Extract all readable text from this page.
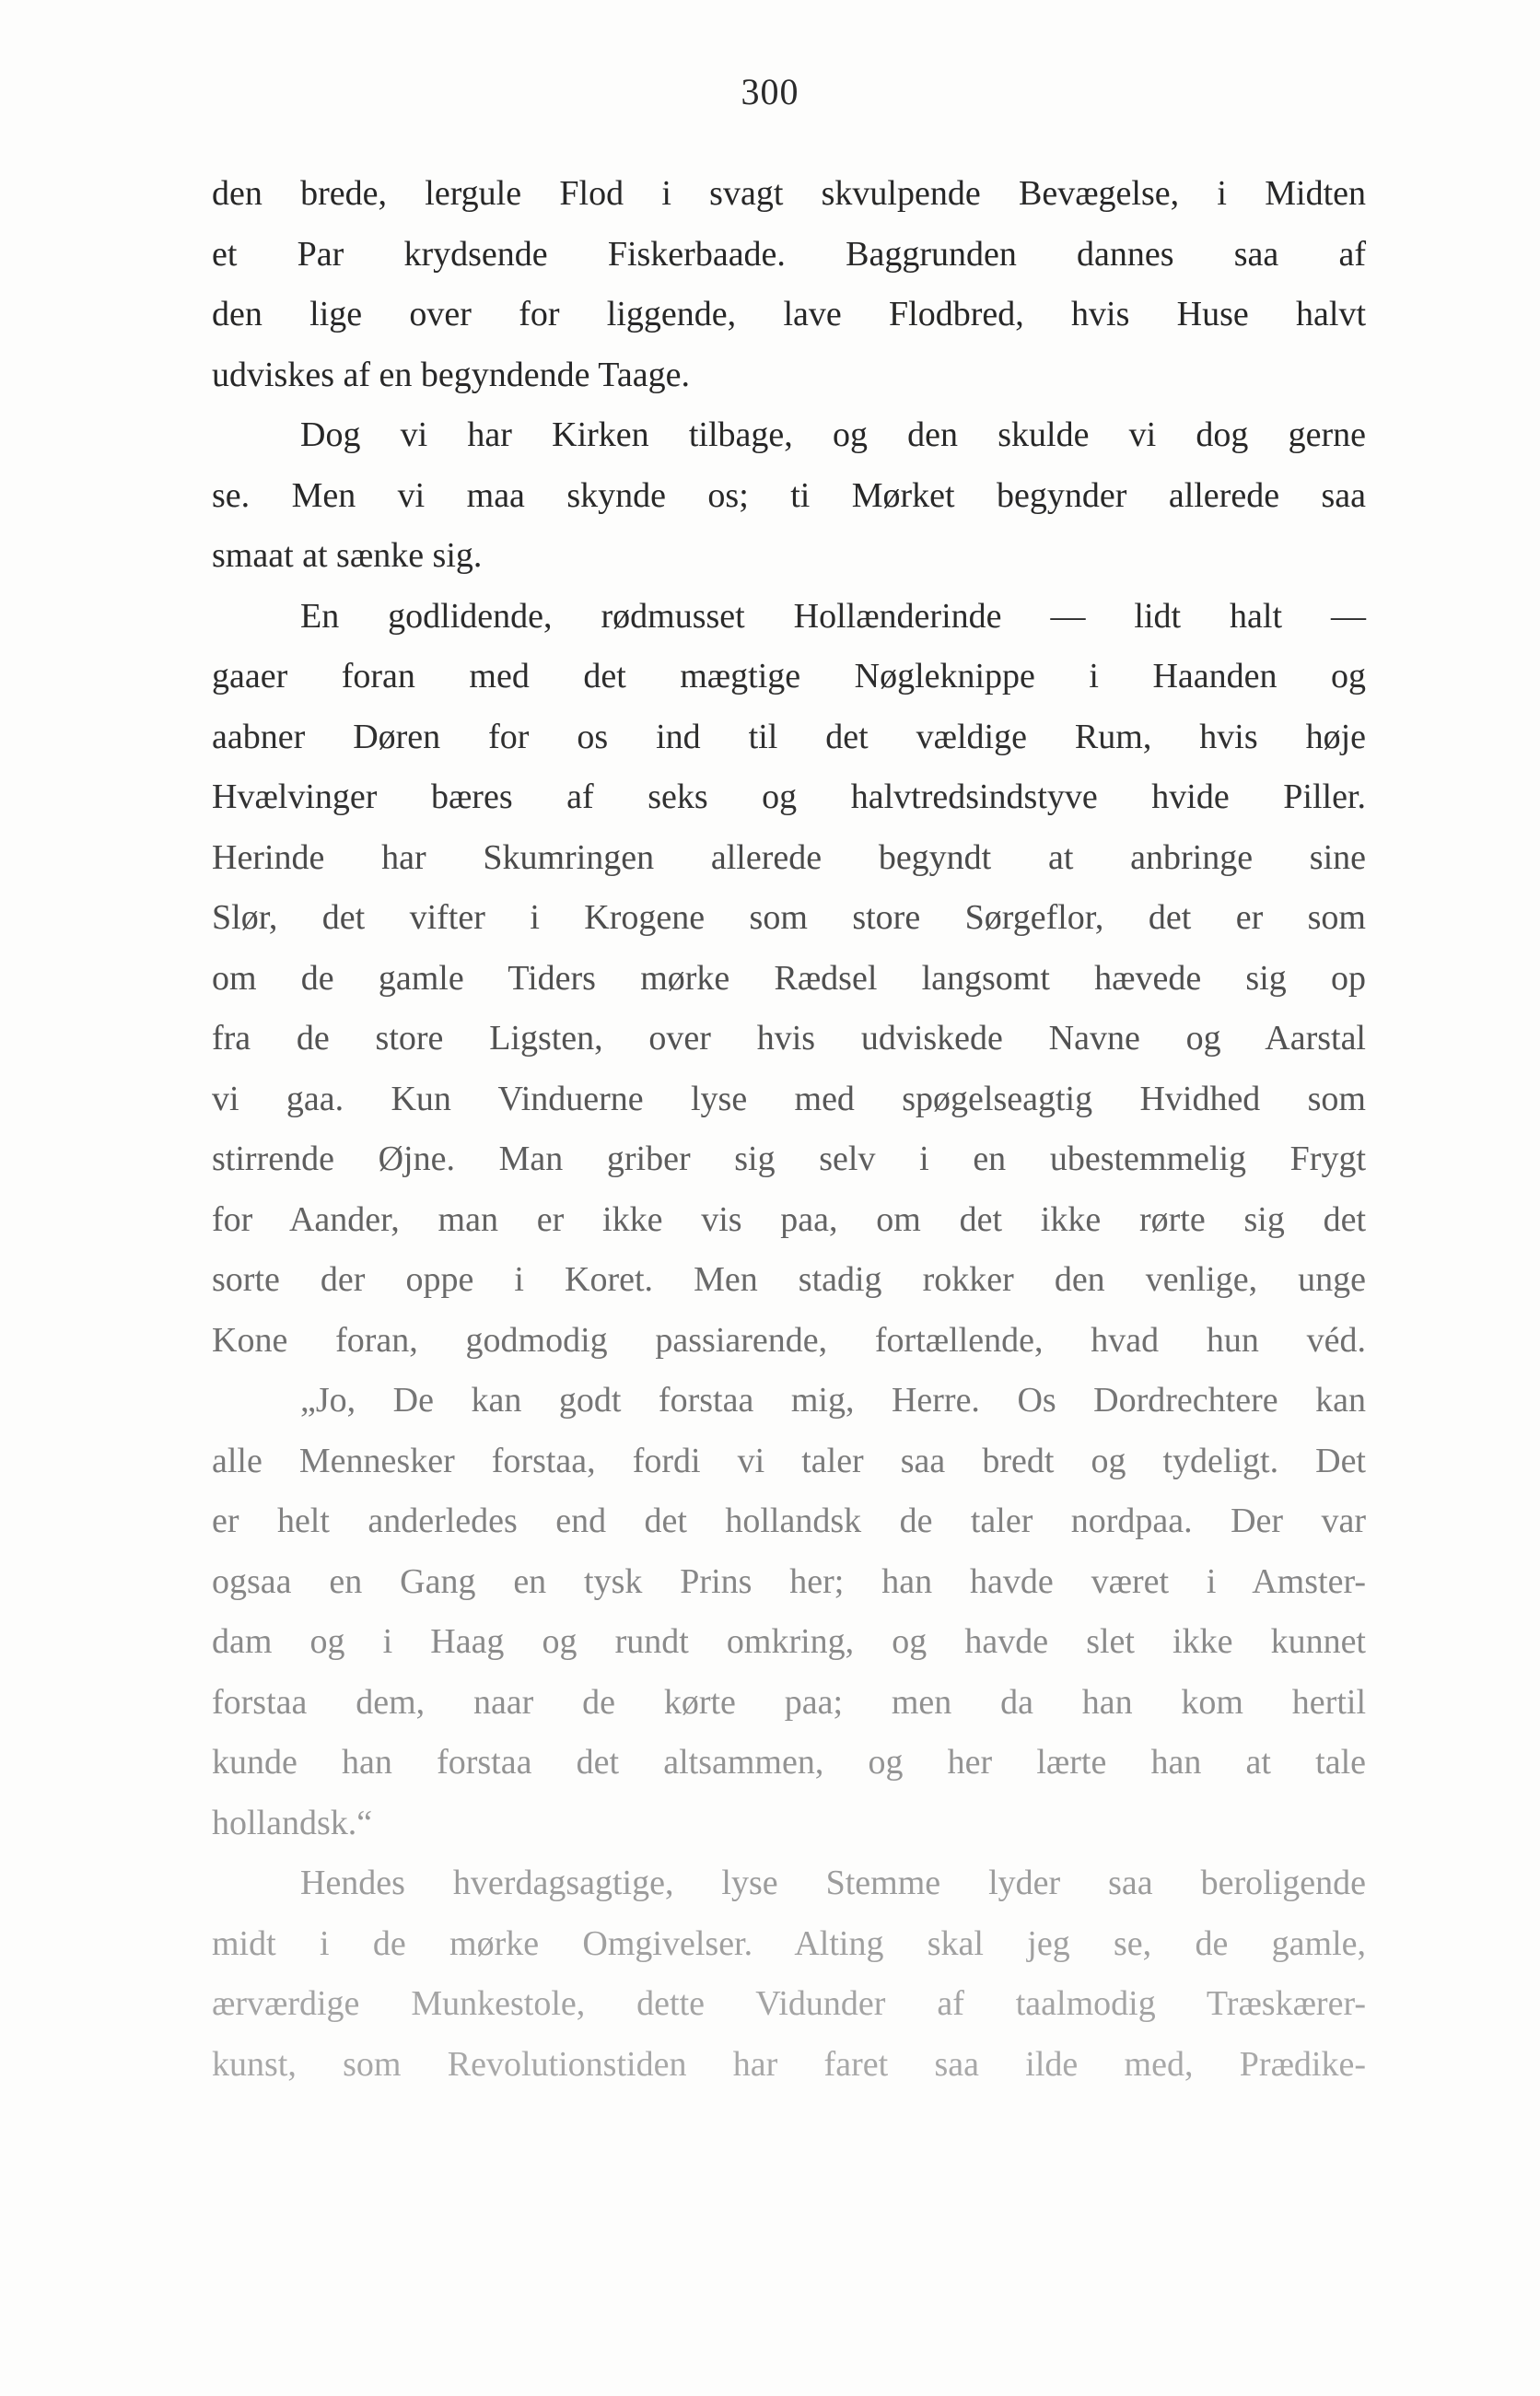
300
den brede, lergule Flod i svagt skvulpende Bevægelse, i Midten
et Par krydsende Fiskerbaade. Baggrunden dannes saa af
den lige over for liggende, lave Flodbred, hvis Huse halvt
udviskes af en begyndende Taage.
Dog vi har Kirken tilbage, og den skulde vi dog gerne
se. Men vi maa skynde os; ti Mørket begynder allerede saa
smaat at sænke sig.
En godlidende, rødmusset Hollænderinde — lidt halt —
gaaer foran med det mægtige Nøgleknippe i Haanden og
aabner Døren for os ind til det vældige Rum, hvis høje
Hvælvinger bæres af seks og halvtredsindstyve hvide Piller.
Herinde har Skumringen allerede begyndt at anbringe sine
Slør, det vifter i Krogene som store Sørgeflor, det er som
om de gamle Tiders mørke Rædsel langsomt hævede sig op
fra de store Ligsten, over hvis udviskede Navne og Aarstal
vi gaa. Kun Vinduerne lyse med spøgelseagtig Hvidhed som
stirrende Øjne. Man griber sig selv i en ubestemmelig Frygt
for Aander, man er ikke vis paa, om det ikke rørte sig det
sorte der oppe i Koret. Men stadig rokker den venlige, unge
Kone foran, godmodig passiarende, fortællende, hvad hun véd.
„Jo, De kan godt forstaa mig, Herre. Os Dordrechtere kan
alle Mennesker forstaa, fordi vi taler saa bredt og tydeligt. Det
er helt anderledes end det hollandsk de taler nordpaa. Der var
ogsaa en Gang en tysk Prins her; han havde været i Amster-
dam og i Haag og rundt omkring, og havde slet ikke kunnet
forstaa dem, naar de kørte paa; men da han kom hertil
kunde han forstaa det altsammen, og her lærte han at tale
hollandsk.“
Hendes hverdagsagtige, lyse Stemme lyder saa beroligende
midt i de mørke Omgivelser. Alting skal jeg se, de gamle,
ærværdige Munkestole, dette Vidunder af taalmodig Træskærer-
kunst, som Revolutionstiden har faret saa ilde med, Prædike-
